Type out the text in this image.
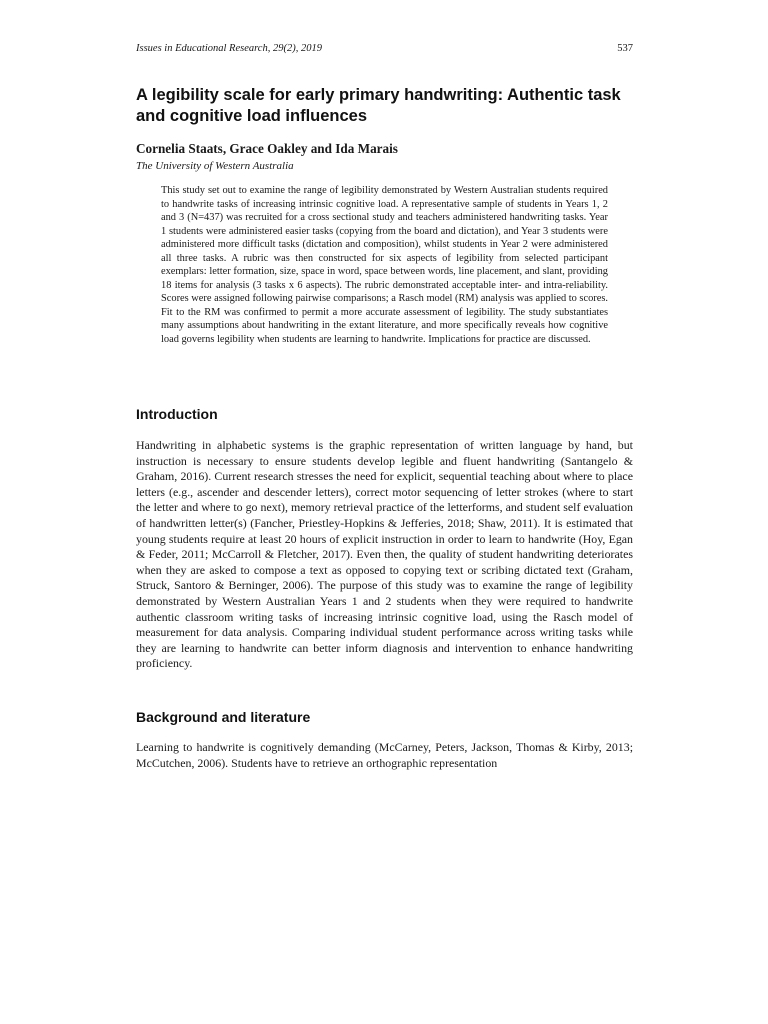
Issues in Educational Research, 29(2), 2019	537
A legibility scale for early primary handwriting: Authentic task and cognitive load influences

Cornelia Staats, Grace Oakley and Ida Marais

The University of Western Australia

This study set out to examine the range of legibility demonstrated by Western Australian students required to handwrite tasks of increasing intrinsic cognitive load. A representative sample of students in Years 1, 2 and 3 (N=437) was recruited for a cross sectional study and teachers administered handwriting tasks. Year 1 students were administered easier tasks (copying from the board and dictation), and Year 3 students were administered more difficult tasks (dictation and composition), whilst students in Year 2 were administered all three tasks. A rubric was then constructed for six aspects of legibility from selected participant exemplars: letter formation, size, space in word, space between words, line placement, and slant, providing 18 items for analysis (3 tasks x 6 aspects). The rubric demonstrated acceptable inter- and intra-reliability. Scores were assigned following pairwise comparisons; a Rasch model (RM) analysis was applied to scores. Fit to the RM was confirmed to permit a more accurate assessment of legibility. The study substantiates many assumptions about handwriting in the extant literature, and more specifically reveals how cognitive load governs legibility when students are learning to handwrite. Implications for practice are discussed.

Introduction

Handwriting in alphabetic systems is the graphic representation of written language by hand, but instruction is necessary to ensure students develop legible and fluent handwriting (Santangelo & Graham, 2016). Current research stresses the need for explicit, sequential teaching about where to place letters (e.g., ascender and descender letters), correct motor sequencing of letter strokes (where to start the letter and where to go next), memory retrieval practice of the letterforms, and student self evaluation of handwritten letter(s) (Fancher, Priestley-Hopkins & Jefferies, 2018; Shaw, 2011). It is estimated that young students require at least 20 hours of explicit instruction in order to learn to handwrite (Hoy, Egan & Feder, 2011; McCarroll & Fletcher, 2017). Even then, the quality of student handwriting deteriorates when they are asked to compose a text as opposed to copying text or scribing dictated text (Graham, Struck, Santoro & Berninger, 2006). The purpose of this study was to examine the range of legibility demonstrated by Western Australian Years 1 and 2 students when they were required to handwrite authentic classroom writing tasks of increasing intrinsic cognitive load, using the Rasch model of measurement for data analysis. Comparing individual student performance across writing tasks while they are learning to handwrite can better inform diagnosis and intervention to enhance handwriting proficiency.

Background and literature

Learning to handwrite is cognitively demanding (McCarney, Peters, Jackson, Thomas & Kirby, 2013; McCutchen, 2006). Students have to retrieve an orthographic representation
